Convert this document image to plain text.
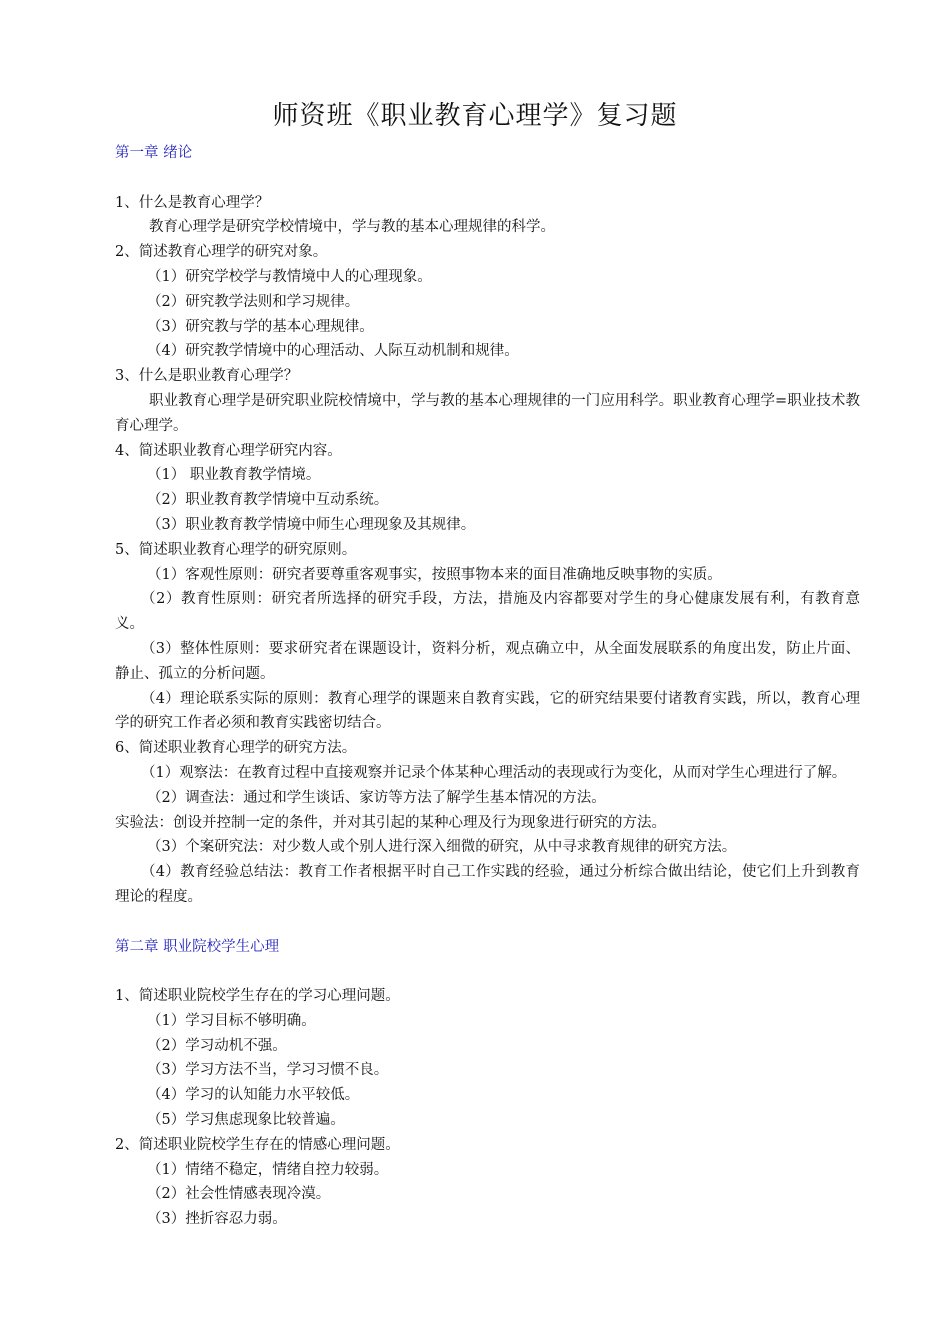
师资班《职业教育心理学》复习题

第一章 绪论

1、什么是教育心理学？

教育心理学是研究学校情境中，学与教的基本心理规律的科学。

2、简述教育心理学的研究对象。

（1）研究学校学与教情境中人的心理现象。

（2）研究教学法则和学习规律。

（3）研究教与学的基本心理规律。

（4）研究教学情境中的心理活动、人际互动机制和规律。

3、什么是职业教育心理学？

职业教育心理学是研究职业院校情境中，学与教的基本心理规律的一门应用科学。职业教育心理学=职业技术教育心理学。

4、简述职业教育心理学研究内容。

（1） 职业教育教学情境。

（2）职业教育教学情境中互动系统。

（3）职业教育教学情境中师生心理现象及其规律。

5、简述职业教育心理学的研究原则。

（1）客观性原则：研究者要尊重客观事实，按照事物本来的面目准确地反映事物的实质。

（2）教育性原则：研究者所选择的研究手段，方法，措施及内容都要对学生的身心健康发展有利，有教育意义。

（3）整体性原则：要求研究者在课题设计，资料分析，观点确立中，从全面发展联系的角度出发，防止片面、静止、孤立的分析问题。

（4）理论联系实际的原则：教育心理学的课题来自教育实践，它的研究结果要付诸教育实践，所以，教育心理学的研究工作者必须和教育实践密切结合。

6、简述职业教育心理学的研究方法。

（1）观察法：在教育过程中直接观察并记录个体某种心理活动的表现或行为变化，从而对学生心理进行了解。

（2）调查法：通过和学生谈话、家访等方法了解学生基本情况的方法。

实验法：创设并控制一定的条件，并对其引起的某种心理及行为现象进行研究的方法。

（3）个案研究法：对少数人或个别人进行深入细微的研究，从中寻求教育规律的研究方法。

（4）教育经验总结法：教育工作者根据平时自己工作实践的经验，通过分析综合做出结论，使它们上升到教育理论的程度。

第二章 职业院校学生心理

1、简述职业院校学生存在的学习心理问题。

（1）学习目标不够明确。

（2）学习动机不强。

（3）学习方法不当，学习习惯不良。

（4）学习的认知能力水平较低。

（5）学习焦虑现象比较普遍。

2、简述职业院校学生存在的情感心理问题。

（1）情绪不稳定，情绪自控力较弱。

（2）社会性情感表现冷漠。

（3）挫折容忍力弱。
